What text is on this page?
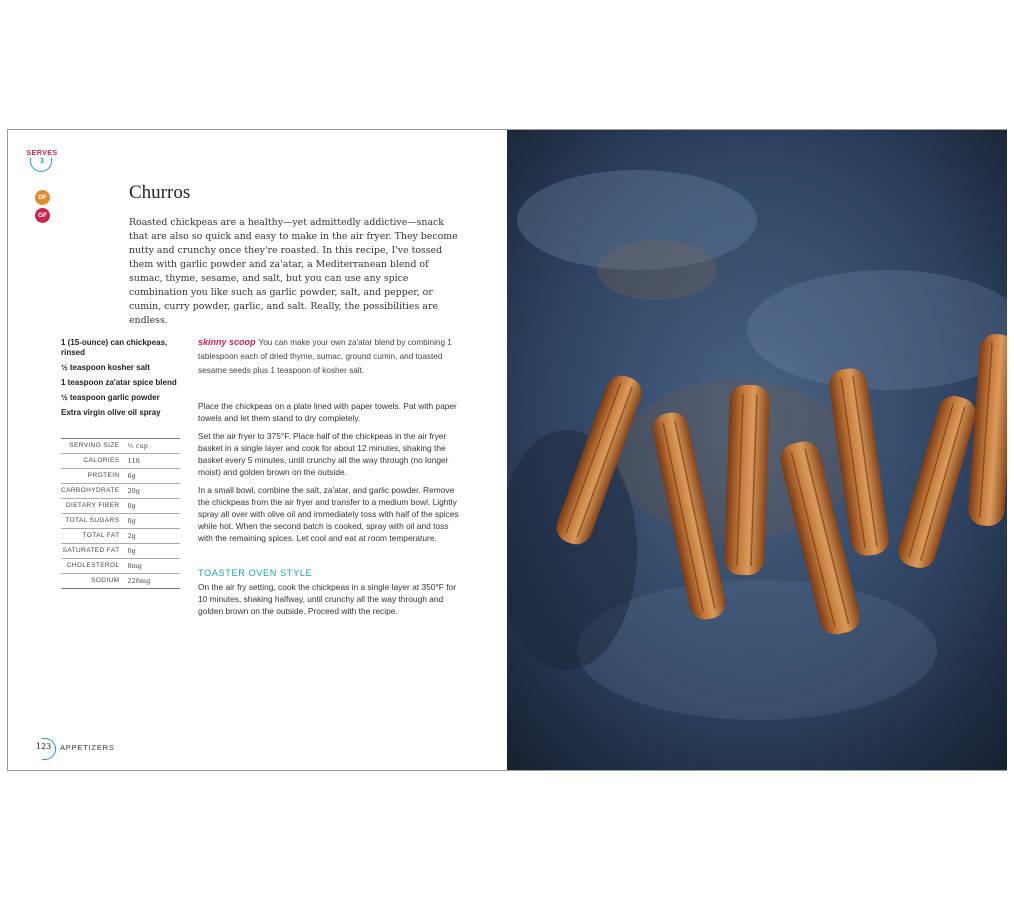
SERVES
3
DF
GF
Churros

Roasted chickpeas are a healthy—yet admittedly addictive—snack that are also so quick and easy to make in the air fryer. They become nutty and crunchy once they're roasted. In this recipe, I've tossed them with garlic powder and za'atar, a Mediterranean blend of sumac, thyme, sesame, and salt, but you can use any spice combination you like such as garlic powder, salt, and pepper, or cumin, curry powder, garlic, and salt. Really, the possibilities are endless.

1 (15-ounce) can chickpeas, rinsed
½ teaspoon kosher salt
1 teaspoon za'atar spice blend
½ teaspoon garlic powder
Extra virgin olive oil spray
SERVING SIZE	½ cup
CALORIES	118
PROTEIN	6g
CARBOHYDRATE	20g
DIETARY FIBER	0g
TOTAL SUGARS	0g
TOTAL FAT	2g
SATURATED FAT	0g
CHOLESTEROL	0mg
SODIUM	226mg

skinny scoop You can make your own za'atar blend by combining 1 tablespoon each of dried thyme, sumac, ground cumin, and toasted sesame seeds plus 1 teaspoon of kosher salt.

Place the chickpeas on a plate lined with paper towels. Pat with paper towels and let them stand to dry completely.

Set the air fryer to 375°F. Place half of the chickpeas in the air fryer basket in a single layer and cook for about 12 minutes, shaking the basket every 5 minutes, until crunchy all the way through (no longer moist) and golden brown on the outside.

In a small bowl, combine the salt, za'atar, and garlic powder. Remove the chickpeas from the air fryer and transfer to a medium bowl. Lightly spray all over with olive oil and immediately toss with half of the spices while hot. When the second batch is cooked, spray with oil and toss with the remaining spices. Let cool and eat at room temperature.

TOASTER OVEN STYLE

On the air fry setting, cook the chickpeas in a single layer at 350°F for 10 minutes, shaking halfway, until crunchy all the way through and golden brown on the outside. Proceed with the recipe.

123 APPETIZERS
